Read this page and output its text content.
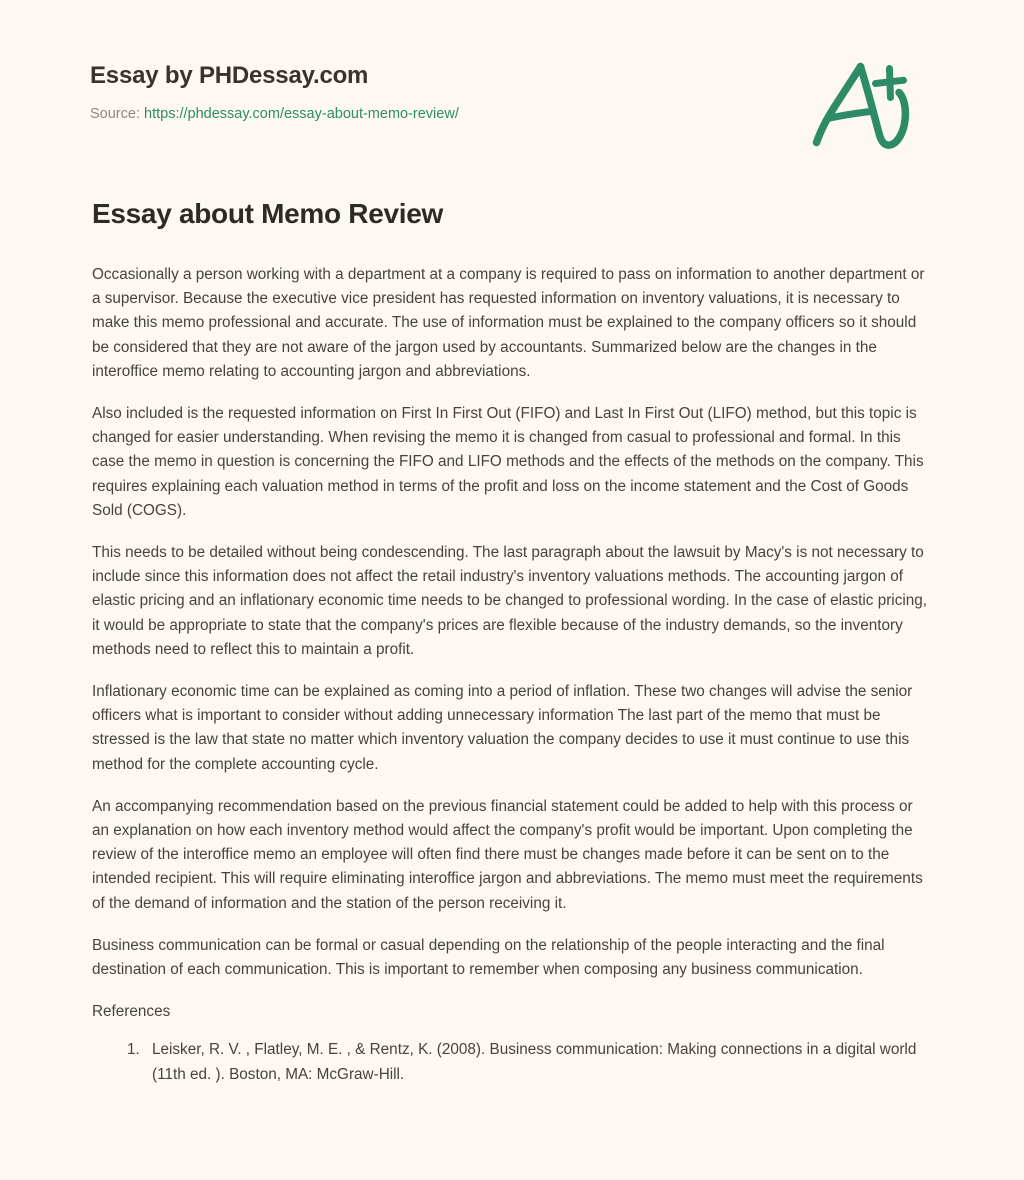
Essay by PHDessay.com
Source: https://phdessay.com/essay-about-memo-review/
Essay about Memo Review

Occasionally a person working with a department at a company is required to pass on information to another department or a supervisor. Because the executive vice president has requested information on inventory valuations, it is necessary to make this memo professional and accurate. The use of information must be explained to the company officers so it should be considered that they are not aware of the jargon used by accountants. Summarized below are the changes in the interoffice memo relating to accounting jargon and abbreviations.

Also included is the requested information on First In First Out (FIFO) and Last In First Out (LIFO) method, but this topic is changed for easier understanding. When revising the memo it is changed from casual to professional and formal. In this case the memo in question is concerning the FIFO and LIFO methods and the effects of the methods on the company. This requires explaining each valuation method in terms of the profit and loss on the income statement and the Cost of Goods Sold (COGS).

This needs to be detailed without being condescending. The last paragraph about the lawsuit by Macy's is not necessary to include since this information does not affect the retail industry's inventory valuations methods. The accounting jargon of elastic pricing and an inflationary economic time needs to be changed to professional wording. In the case of elastic pricing, it would be appropriate to state that the company's prices are flexible because of the industry demands, so the inventory methods need to reflect this to maintain a profit.

Inflationary economic time can be explained as coming into a period of inflation. These two changes will advise the senior officers what is important to consider without adding unnecessary information The last part of the memo that must be stressed is the law that state no matter which inventory valuation the company decides to use it must continue to use this method for the complete accounting cycle.

An accompanying recommendation based on the previous financial statement could be added to help with this process or an explanation on how each inventory method would affect the company's profit would be important. Upon completing the review of the interoffice memo an employee will often find there must be changes made before it can be sent on to the intended recipient. This will require eliminating interoffice jargon and abbreviations. The memo must meet the requirements of the demand of information and the station of the person receiving it.

Business communication can be formal or casual depending on the relationship of the people interacting and the final destination of each communication. This is important to remember when composing any business communication.

References

1. Leisker, R. V. , Flatley, M. E. , & Rentz, K. (2008). Business communication: Making connections in a digital world (11th ed. ). Boston, MA: McGraw-Hill.
